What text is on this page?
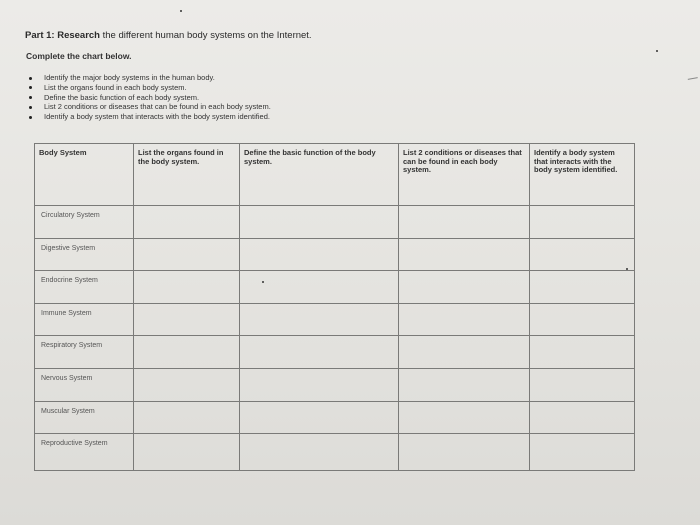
Part 1: Research the different human body systems on the Internet.
Complete the chart below.
Identify the major body systems in the human body.
List the organs found in each body system.
Define the basic function of each body system.
List 2 conditions or diseases that can be found in each body system.
Identify a body system that interacts with the body system identified.
Body System	List the organs found in the body system.	Define the basic function of the body system.	List 2 conditions or diseases that can be found in each body system.	Identify a body system that interacts with the body system identified.
Circulatory System				
Digestive System				
Endocrine System				
Immune System				
Respiratory System				
Nervous System				
Muscular System				
Reproductive System				
